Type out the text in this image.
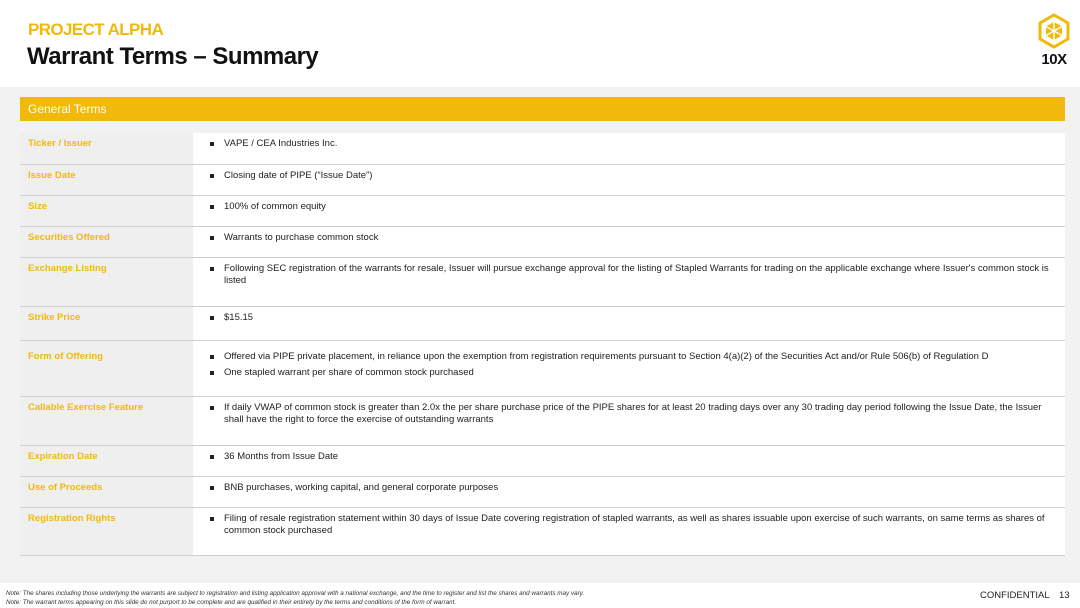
PROJECT ALPHA
Warrant Terms – Summary	10X
General Terms
Ticker / Issuer	VAPE / CEA Industries Inc.
Issue Date	Closing date of PIPE (“Issue Date”)
Size	100% of common equity
Securities Offered	Warrants to purchase common stock
Exchange Listing	Following SEC registration of the warrants for resale, Issuer will pursue exchange approval for the listing of Stapled Warrants for trading on the applicable exchange where Issuer's common stock is listed
Strike Price	$15.15
Form of Offering	Offered via PIPE private placement, in reliance upon the exemption from registration requirements pursuant to Section 4(a)(2) of the Securities Act and/or Rule 506(b) of Regulation D
One stapled warrant per share of common stock purchased
Callable Exercise Feature	If daily VWAP of common stock is greater than 2.0x the per share purchase price of the PIPE shares for at least 20 trading days over any 30 trading day period following the Issue Date, the Issuer shall have the right to force the exercise of outstanding warrants
Expiration Date	36 Months from Issue Date
Use of Proceeds	BNB purchases, working capital, and general corporate purposes
Registration Rights	Filing of resale registration statement within 30 days of Issue Date covering registration of stapled warrants, as well as shares issuable upon exercise of such warrants, on same terms as shares of common stock purchased
Note: The shares including those underlying the warrants are subject to registration and listing application approval with a national exchange, and the time to register and list the shares and warrants may vary.
Note: The warrant terms appearing on this slide do not purport to be complete and are qualified in their entirety by the terms and conditions of the form of warrant.
CONFIDENTIAL 13
